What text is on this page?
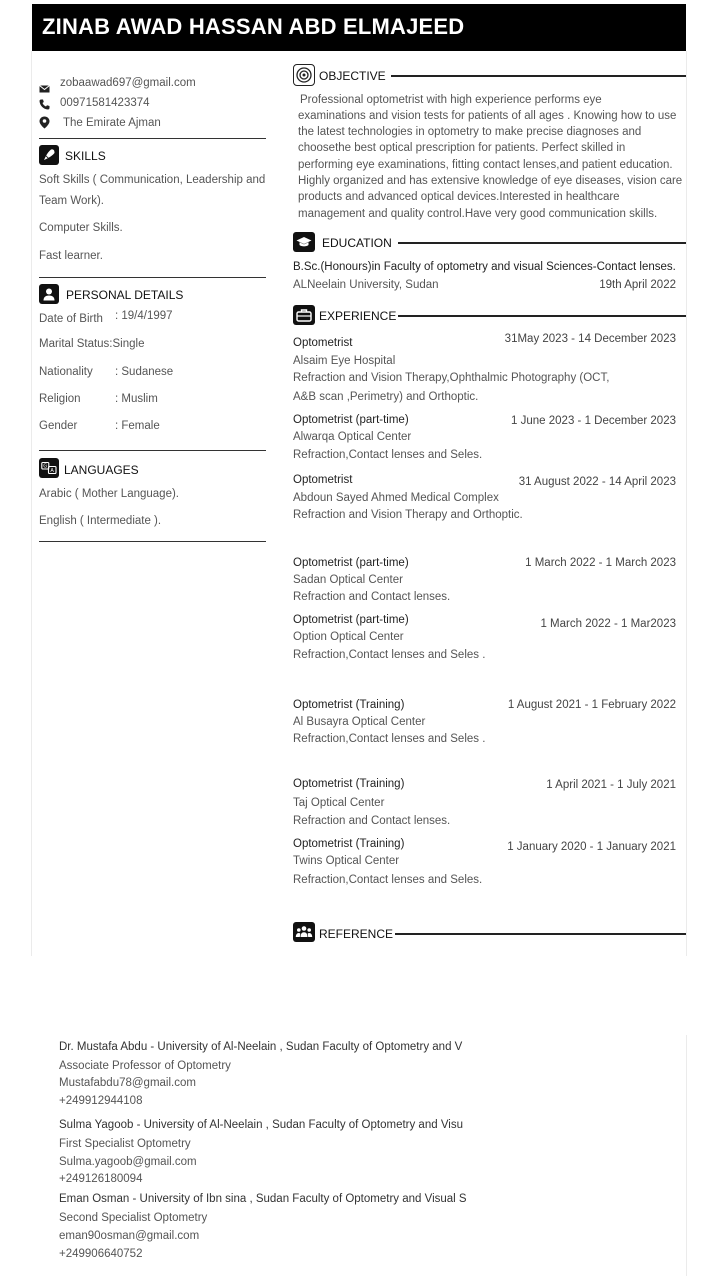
ZINAB AWAD HASSAN ABD ELMAJEED
zobaawad697@gmail.com
00971581423374
The Emirate Ajman
SKILLS
Soft Skills ( Communication, Leadership and
Team Work).
Computer Skills.
Fast learner.
PERSONAL DETAILS
Date of Birth : 19/4/1997
Marital Status:Single
Nationality : Sudanese
Religion	: Muslim
Gender	: Female
G
A LANGUAGES
Arabic ( Mother Language).
English ( Intermediate ).
OBJECTIVE
Professional optometrist with high experience performs eye
examinations and vision tests for patients of all ages . Knowing how to use
the latest technologies in optometry to make precise diagnoses and
choosethe best optical prescription for patients. Perfect skilled in
performing eye examinations, fitting contact lenses,and patient education.
Highly organized and has extensive knowledge of eye diseases, vision care
products and advanced optical devices.Interested in healthcare
management and quality control.Have very good communication skills.
EDUCATION
B.Sc.(Honours)in Faculty of optometry and visual Sciences-Contact lenses.
ALNeelain University, Sudan	19th April 2022
EXPERIENCE
Optometrist	31May 2023 - 14 December 2023
Alsaim Eye Hospital
Refraction and Vision Therapy,Ophthalmic Photography (OCT,
A&B scan ,Perimetry) and Orthoptic.
Optometrist (part-time)	1 June 2023 - 1 December 2023
Alwarqa Optical Center
Refraction,Contact lenses and Seles.
Optometrist	31 August 2022 - 14 April 2023
Abdoun Sayed Ahmed Medical Complex
Refraction and Vision Therapy and Orthoptic.
Optometrist (part-time)	1 March 2022 - 1 March 2023
Sadan Optical Center
Refraction and Contact lenses.
Optometrist (part-time)	1 March 2022 - 1 Mar2023
Option Optical Center
Refraction,Contact lenses and Seles .
Optometrist (Training)	1 August 2021 - 1 February 2022
Al Busayra Optical Center
Refraction,Contact lenses and Seles .
Optometrist (Training)	1 April 2021 - 1 July 2021
Taj Optical Center
Refraction and Contact lenses.
Optometrist (Training)	1 January 2020 - 1 January 2021
Twins Optical Center
Refraction,Contact lenses and Seles.
REFERENCE
Dr. Mustafa Abdu - University of Al-Neelain , Sudan Faculty of Optometry and V
Associate Professor of Optometry
Mustafabdu78@gmail.com
+249912944108
Sulma Yagoob - University of Al-Neelain , Sudan Faculty of Optometry and Visu
First Specialist Optometry
Sulma.yagoob@gmail.com
+249126180094
Eman Osman - University of Ibn sina , Sudan Faculty of Optometry and Visual S
Second Specialist Optometry
eman90osman@gmail.com
+249906640752
